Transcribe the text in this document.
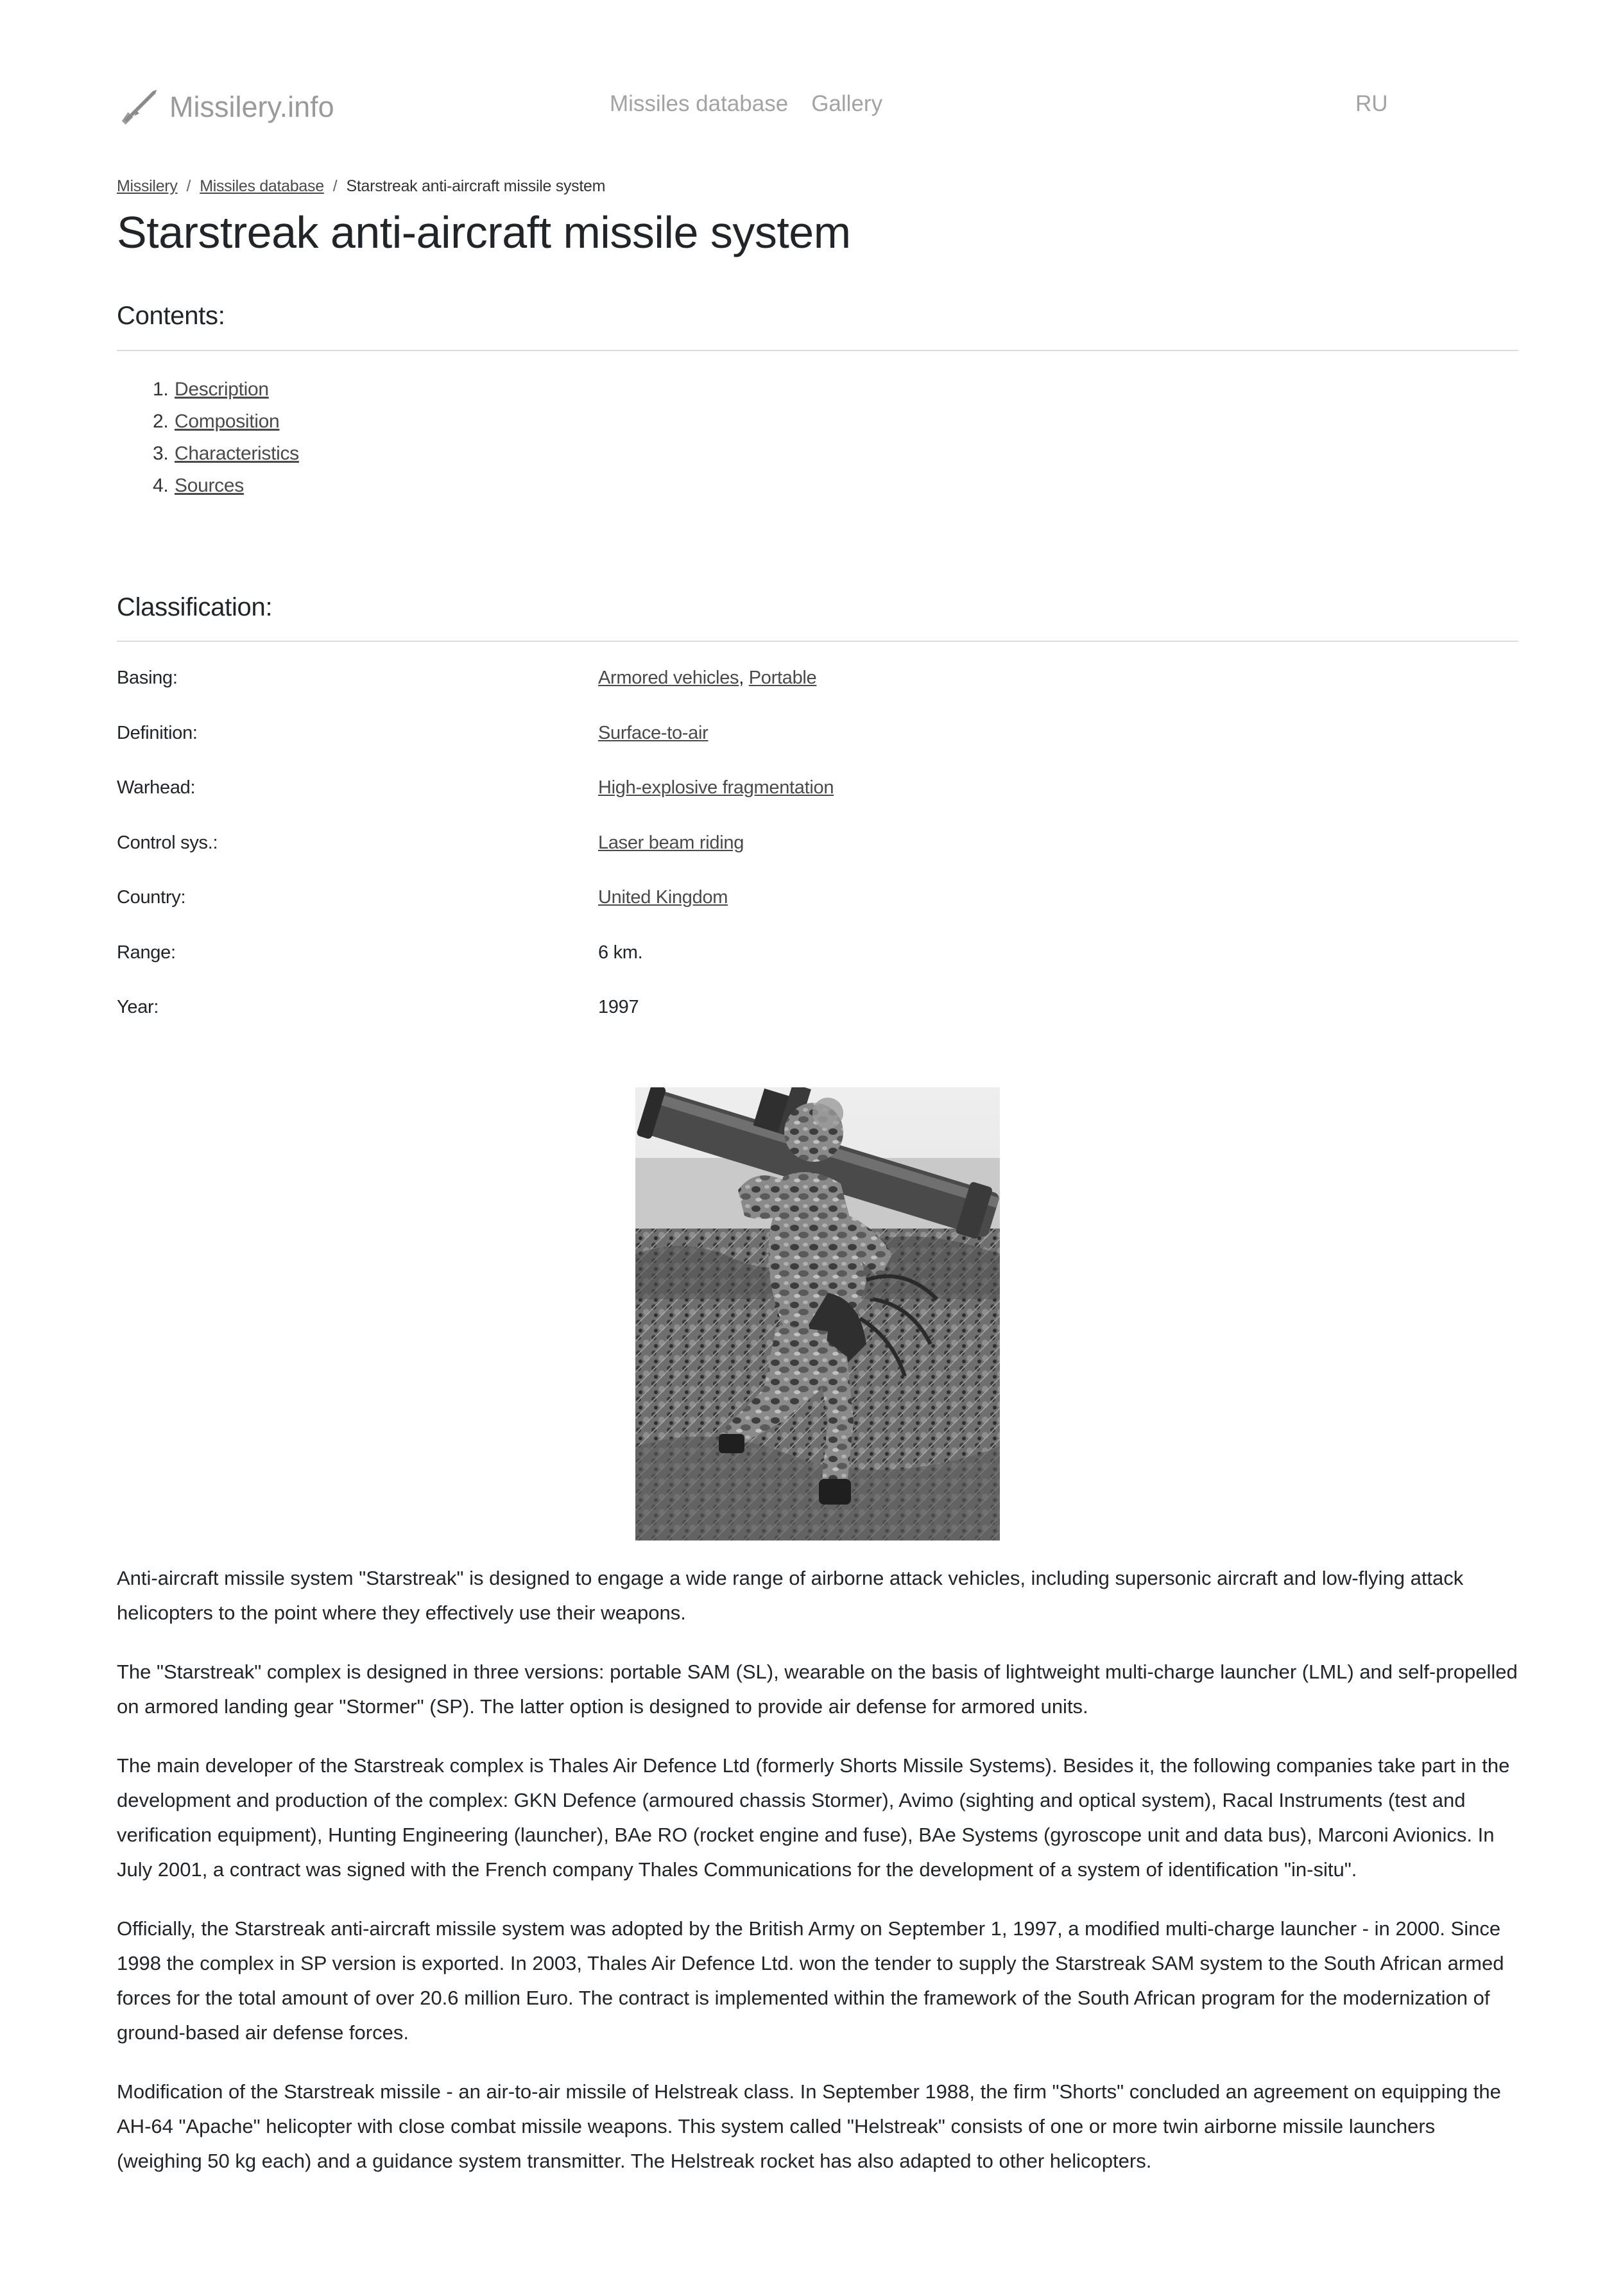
Missilery.info	Missiles database Gallery	RU
Missilery / Missiles database / Starstreak anti-aircraft missile system
Starstreak anti-aircraft missile system
Contents:
1. Description
2. Composition
3. Characteristics
4. Sources
Classification:
Basing:	Armored vehicles, Portable
Definition:	Surface-to-air
Warhead:	High-explosive fragmentation
Control sys.:	Laser beam riding
Country:	United Kingdom
Range:	6 km.
Year:	1997

Anti-aircraft missile system "Starstreak" is designed to engage a wide range of airborne attack vehicles, including supersonic aircraft and low-flying attack helicopters to the point where they effectively use their weapons.

The "Starstreak" complex is designed in three versions: portable SAM (SL), wearable on the basis of lightweight multi-charge launcher (LML) and self-propelled on armored landing gear "Stormer" (SP). The latter option is designed to provide air defense for armored units.

The main developer of the Starstreak complex is Thales Air Defence Ltd (formerly Shorts Missile Systems). Besides it, the following companies take part in the development and production of the complex: GKN Defence (armoured chassis Stormer), Avimo (sighting and optical system), Racal Instruments (test and verification equipment), Hunting Engineering (launcher), BAe RO (rocket engine and fuse), BAe Systems (gyroscope unit and data bus), Marconi Avionics. In July 2001, a contract was signed with the French company Thales Communications for the development of a system of identification "in-situ".

Officially, the Starstreak anti-aircraft missile system was adopted by the British Army on September 1, 1997, a modified multi-charge launcher - in 2000. Since 1998 the complex in SP version is exported. In 2003, Thales Air Defence Ltd. won the tender to supply the Starstreak SAM system to the South African armed forces for the total amount of over 20.6 million Euro. The contract is implemented within the framework of the South African program for the modernization of ground-based air defense forces.

Modification of the Starstreak missile - an air-to-air missile of Helstreak class. In September 1988, the firm "Shorts" concluded an agreement on equipping the AH-64 "Apache" helicopter with close combat missile weapons. This system called "Helstreak" consists of one or more twin airborne missile launchers (weighing 50 kg each) and a guidance system transmitter. The Helstreak rocket has also adapted to other helicopters.
